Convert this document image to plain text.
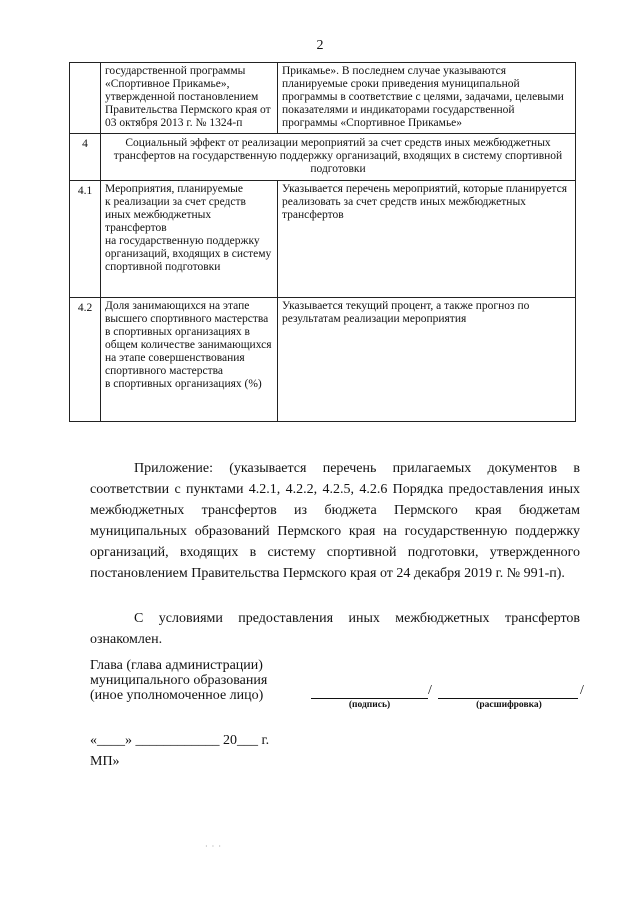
2
	государственной программы «Спортивное Прикамье», утвержденной постановлением Правительства Пермского края от 03 октября 2013 г. № 1324-п	Прикамье». В последнем случае указываются планируемые сроки приведения муниципальной программы в соответствие с целями, задачами, целевыми показателями и индикаторами государственной программы «Спортивное Прикамье»
4	Социальный эффект от реализации мероприятий за счет средств иных межбюджетных трансфертов на государственную поддержку организаций, входящих в систему спортивной подготовки	
4.1	Мероприятия, планируемые
к реализации за счет средств иных межбюджетных трансфертов
на государственную поддержку организаций, входящих в систему спортивной подготовки	Указывается перечень мероприятий, которые планируется реализовать за счет средств иных межбюджетных трансфертов
4.2	Доля занимающихся на этапе высшего спортивного мастерства в спортивных организациях в общем количестве занимающихся
на этапе совершенствования спортивного мастерства
в спортивных организациях (%)	Указывается текущий процент, а также прогноз по результатам реализации мероприятия

Приложение: (указывается перечень прилагаемых документов в соответствии с пунктами 4.2.1, 4.2.2, 4.2.5, 4.2.6 Порядка предоставления иных межбюджетных трансфертов из бюджета Пермского края бюджетам муниципальных образований Пермского края на государственную поддержку организаций, входящих в систему спортивной подготовки, утвержденного постановлением Правительства Пермского края от 24 декабря 2019 г. № 991-п).

С условиями предоставления иных межбюджетных трансфертов ознакомлен.

Глава (глава администрации)
муниципального образования
(иное уполномоченное лицо)	/	/
(подпись)	(расшифровка)
«____» ____________ 20___ г.
МП»
· · ·
